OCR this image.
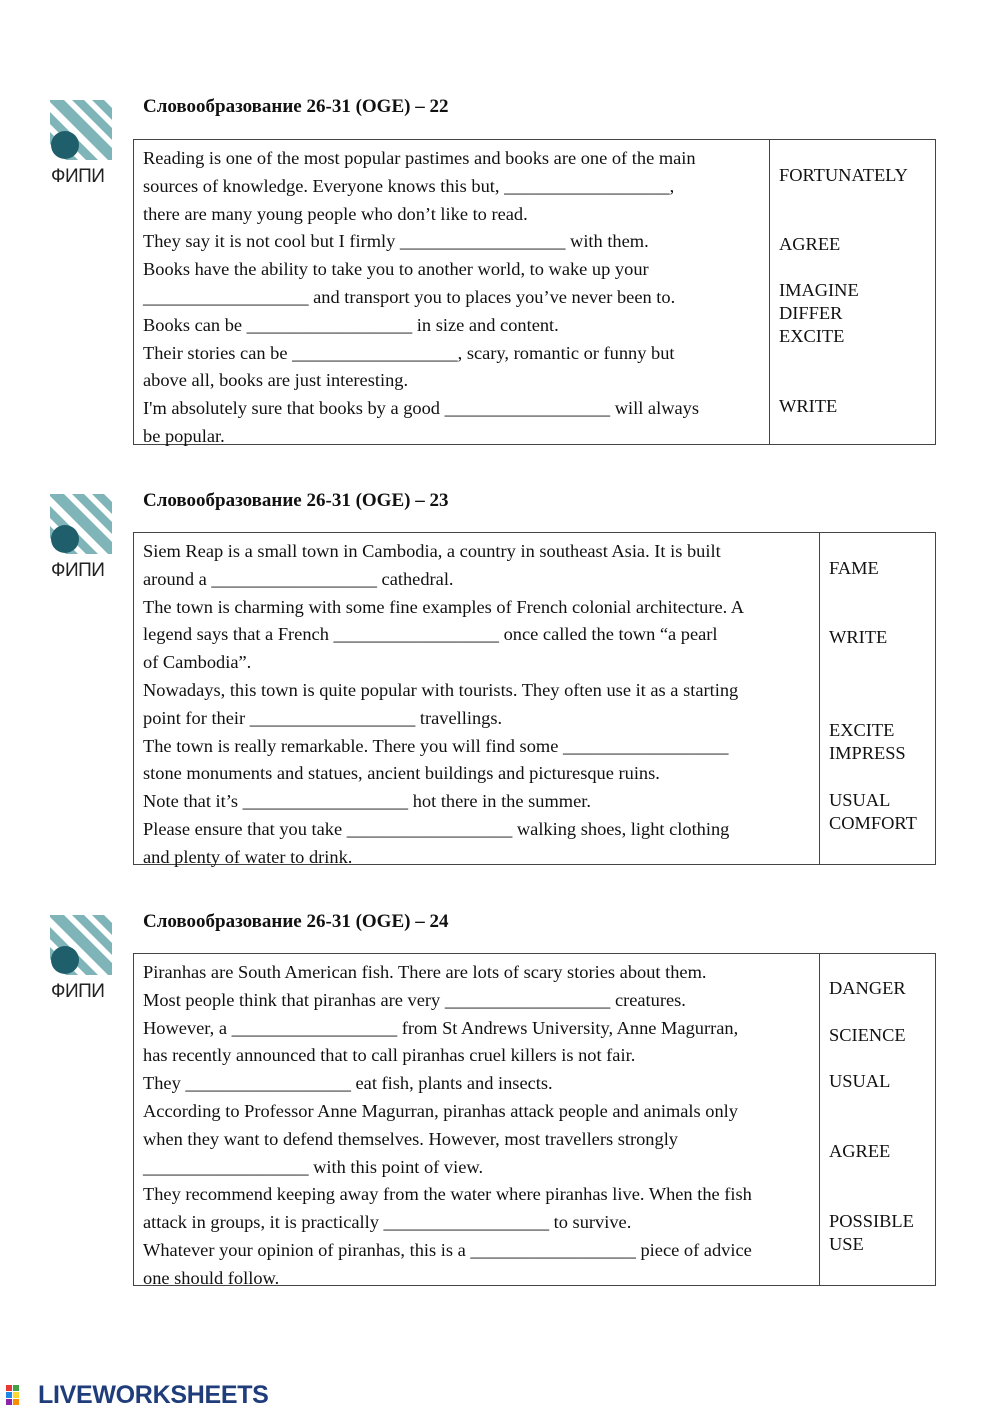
ФИПИ
Словообразование 26-31 (OGE) – 22
Reading is one of the most popular pastimes and books are one of the main
sources of knowledge. Everyone knows this but, __________________,
there are many young people who don’t like to read.
They say it is not cool but I firmly __________________ with them.
Books have the ability to take you to another world, to wake up your
__________________ and transport you to places you’ve never been to.
Books can be __________________ in size and content.
Their stories can be __________________, scary, romantic or funny but
above all, books are just interesting.
I'm absolutely sure that books by a good __________________ will always
be popular.
FORTUNATELY
AGREE
IMAGINE
DIFFER
EXCITE
WRITE
ФИПИ
Словообразование 26-31 (OGE) – 23
Siem Reap is a small town in Cambodia, a country in southeast Asia. It is built
around a __________________ cathedral.
The town is charming with some fine examples of French colonial architecture. A
legend says that a French __________________ once called the town “a pearl
of Cambodia”.
Nowadays, this town is quite popular with tourists. They often use it as a starting
point for their __________________ travellings.
The town is really remarkable. There you will find some __________________
stone monuments and statues, ancient buildings and picturesque ruins.
Note that it’s __________________ hot there in the summer.
Please ensure that you take __________________ walking shoes, light clothing
and plenty of water to drink.
FAME
WRITE
EXCITE
IMPRESS
USUAL
COMFORT
ФИПИ
Словообразование 26-31 (OGE) – 24
Piranhas are South American fish. There are lots of scary stories about them.
Most people think that piranhas are very __________________ creatures.
However, a __________________ from St Andrews University, Anne Magurran,
has recently announced that to call piranhas cruel killers is not fair.
They __________________ eat fish, plants and insects.
According to Professor Anne Magurran, piranhas attack people and animals only
when they want to defend themselves. However, most travellers strongly
__________________ with this point of view.
They recommend keeping away from the water where piranhas live. When the fish
attack in groups, it is practically __________________ to survive.
Whatever your opinion of piranhas, this is a __________________ piece of advice
one should follow.
DANGER
SCIENCE
USUAL
AGREE
POSSIBLE
USE
LIVEWORKSHEETS
